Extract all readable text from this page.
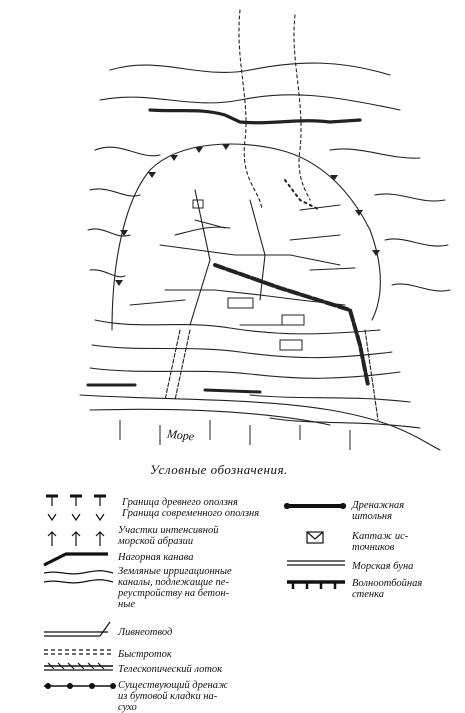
Море
Условные обозначения.
Граница древнего оползня
Граница современного оползня
Участки интенсивной
морской абразии
Нагорная канава
Земляные ирригационные
каналы, подлежащие пе-
реустройству на бетон-
ные
Ливнеотвод
Быстроток
Телескопический лоток
Существующий дренаж
из бутовой кладки на-
сухо
Дренажная
штольня
Каптаж ис-
точников
Морская буна
Волноотбойная
стенка
